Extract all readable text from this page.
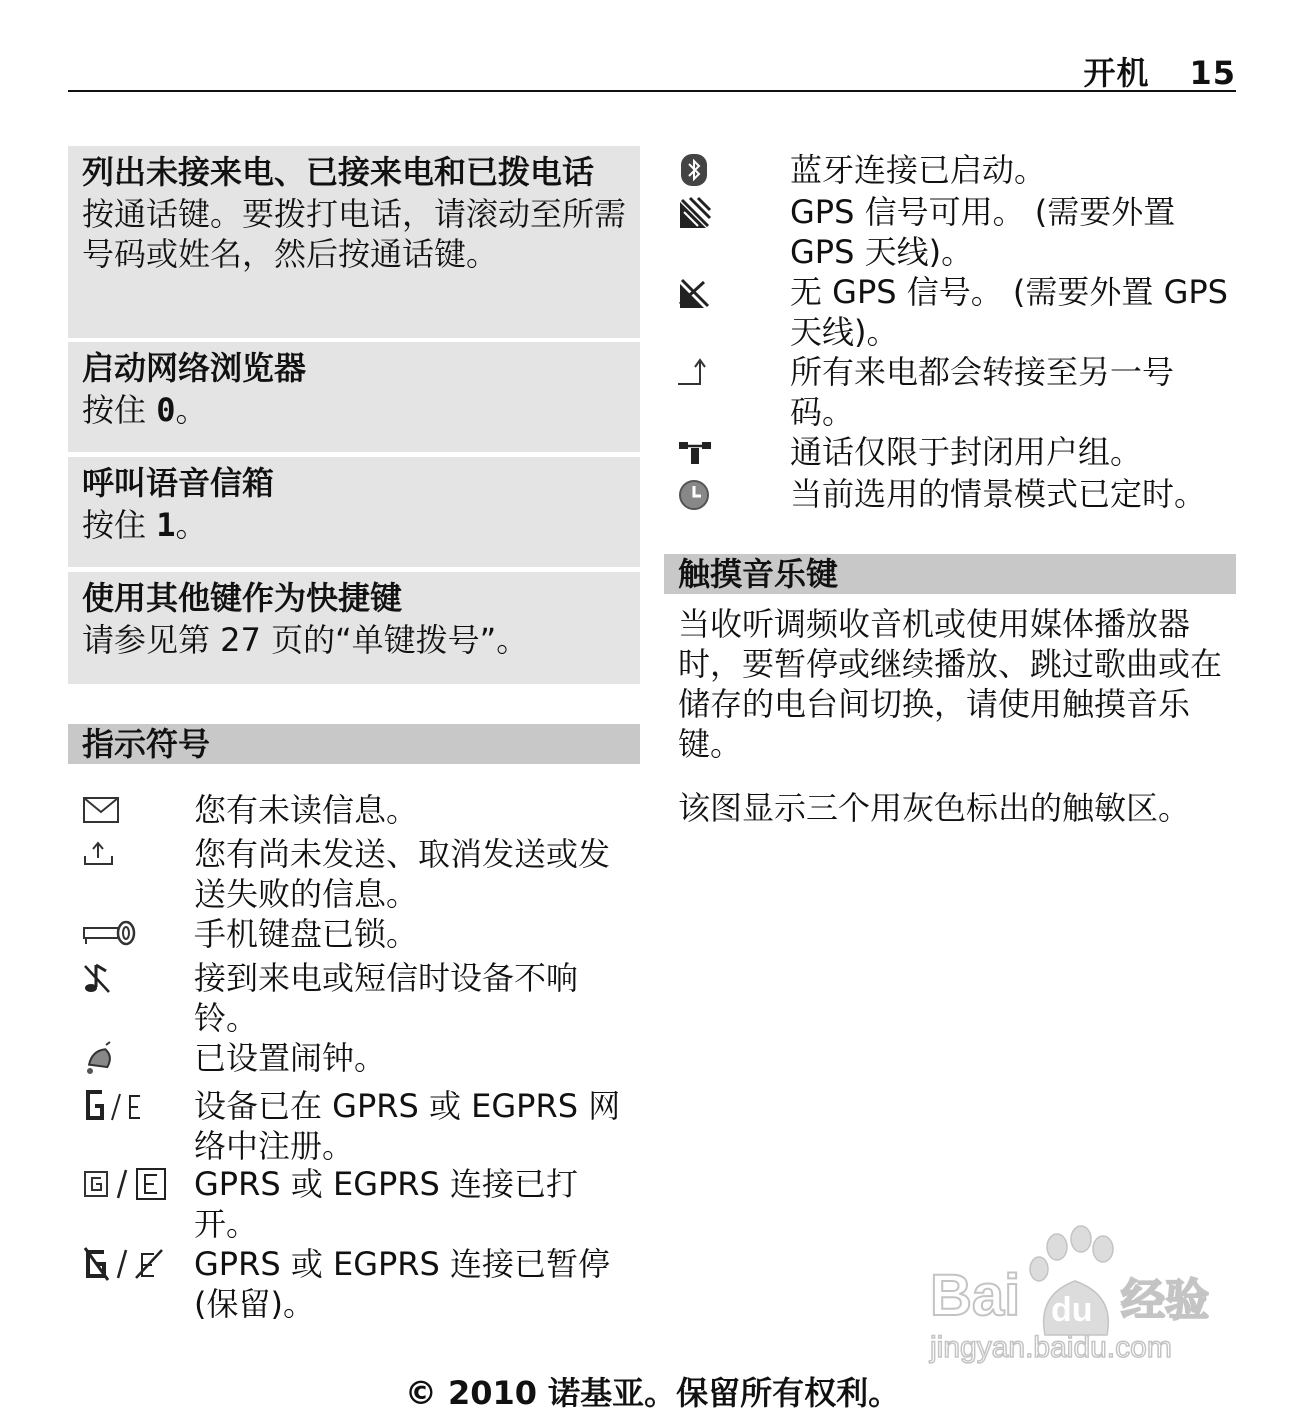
开机 15
列出未接来电、已接来电和已拨电话
按通话键。要拨打电话，请滚动至所需号码或姓名，然后按通话键。
启动网络浏览器
按住 0。
呼叫语音信箱
按住 1。
使用其他键作为快捷键
请参见第 27 页的“单键拨号”。
指示符号
您有未读信息。
您有尚未发送、取消发送或发送失败的信息。
手机键盘已锁。
接到来电或短信时设备不响铃。
已设置闹钟。
设备已在 GPRS 或 EGPRS 网络中注册。
GPRS 或 EGPRS 连接已打开。
GPRS 或 EGPRS 连接已暂停 (保留)。
蓝牙连接已启动。
GPS 信号可用。 (需要外置 GPS 天线)。
无 GPS 信号。 (需要外置 GPS 天线)。
所有来电都会转接至另一号码。
通话仅限于封闭用户组。
当前选用的情景模式已定时。
触摸音乐键
当收听调频收音机或使用媒体播放器时，要暂停或继续播放、跳过歌曲或在储存的电台间切换，请使用触摸音乐键。
该图显示三个用灰色标出的触敏区。
Bai du 经验
jingyan.baidu.com
© 2010 诺基亚。保留所有权利。
